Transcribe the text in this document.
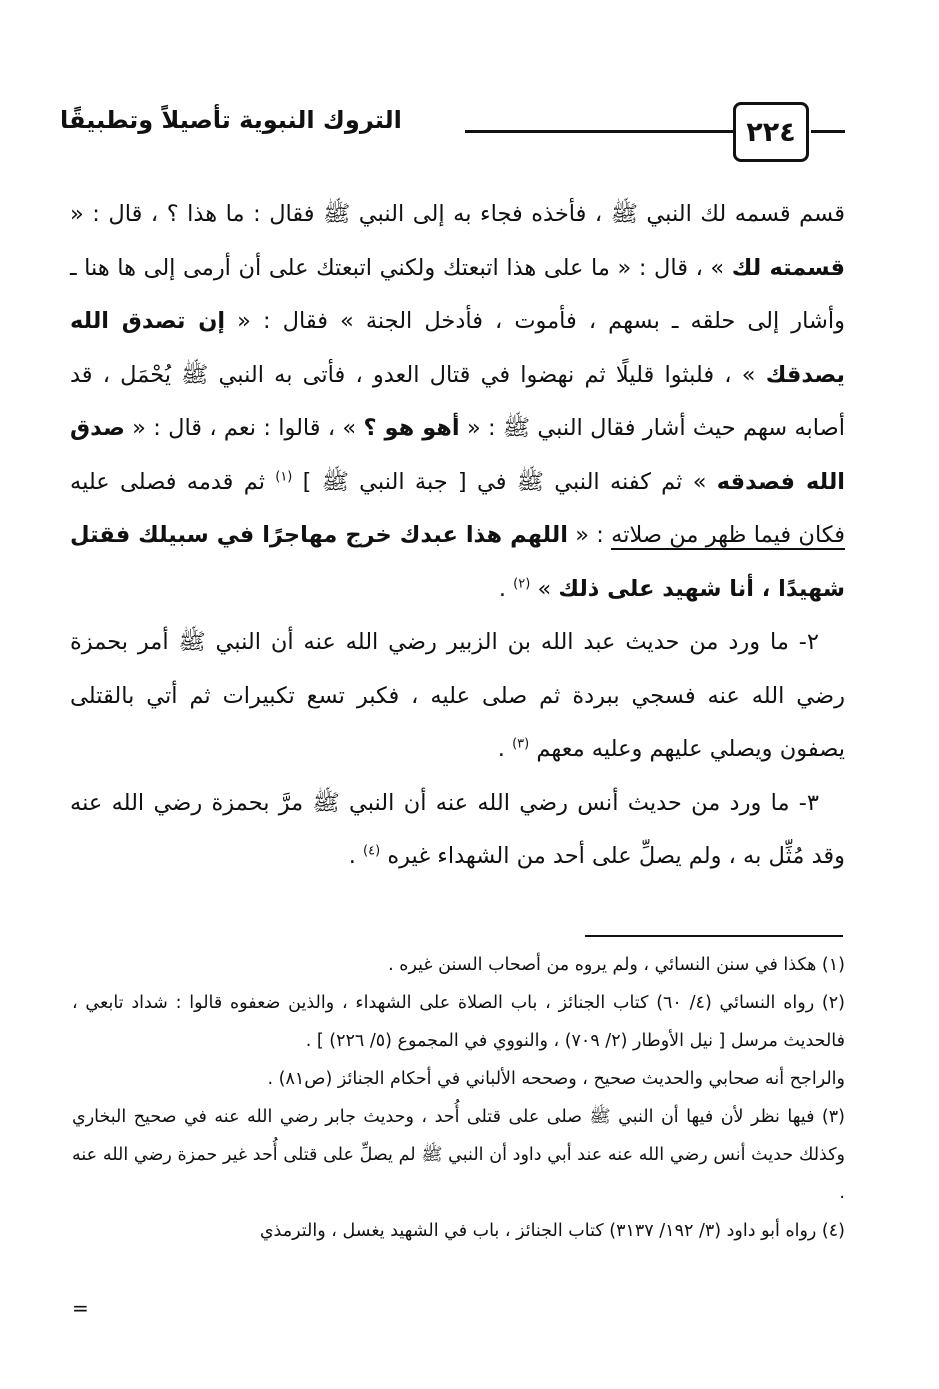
التروك النبوية تأصيلاً وتطبيقًا	٢٢٤

قسم قسمه لك النبي ﷺ ، فأخذه فجاء به إلى النبي ﷺ فقال : ما هذا ؟ ، قال : « قسمته لك » ، قال : « ما على هذا اتبعتك ولكني اتبعتك على أن أرمى إلى ها هنا ـ وأشار إلى حلقه ـ بسهم ، فأموت ، فأدخل الجنة » فقال : « إن تصدق الله يصدقك » ، فلبثوا قليلًا ثم نهضوا في قتال العدو ، فأتى به النبي ﷺ يُحْمَل ، قد أصابه سهم حيث أشار فقال النبي ﷺ : « أهو هو ؟ » ، قالوا : نعم ، قال : « صدق الله فصدقه » ثم كفنه النبي ﷺ في [ جبة النبي ﷺ ] $^{(١)}$ ثم قدمه فصلى عليه فكان فيما ظهر من صلاته : « اللهم هذا عبدك خرج مهاجرًا في سبيلك فقتل شهيدًا ، أنا شهيد على ذلك » $^{(٢)}$ .

٢- ما ورد من حديث عبد الله بن الزبير رضي الله عنه أن النبي ﷺ أمر بحمزة رضي الله عنه فسجي ببردة ثم صلى عليه ، فكبر تسع تكبيرات ثم أتي بالقتلى يصفون ويصلي عليهم وعليه معهم $^{(٣)}$ .

٣- ما ورد من حديث أنس رضي الله عنه أن النبي ﷺ مرَّ بحمزة رضي الله عنه وقد مُثِّل به ، ولم يصلِّ على أحد من الشهداء غيره $^{(٤)}$ .

(١) هكذا في سنن النسائي ، ولم يروه من أصحاب السنن غيره .

(٢) رواه النسائي (٤/ ٦٠) كتاب الجنائز ، باب الصلاة على الشهداء ، والذين ضعفوه قالوا : شداد تابعي ، فالحديث مرسل [ نيل الأوطار (٢/ ٧٠٩) ، والنووي في المجموع (٥/ ٢٢٦) ] .

والراجح أنه صحابي والحديث صحيح ، وصححه الألباني في أحكام الجنائز (ص٨١) .

(٣) فيها نظر لأن فيها أن النبي ﷺ صلى على قتلى أُحد ، وحديث جابر رضي الله عنه في صحيح البخاري وكذلك حديث أنس رضي الله عنه عند أبي داود أن النبي ﷺ لم يصلِّ على قتلى أُحد غير حمزة رضي الله عنه .

(٤) رواه أبو داود (٣/ ١٩٢/ ٣١٣٧) كتاب الجنائز ، باب في الشهيد يغسل ، والترمذي

=
